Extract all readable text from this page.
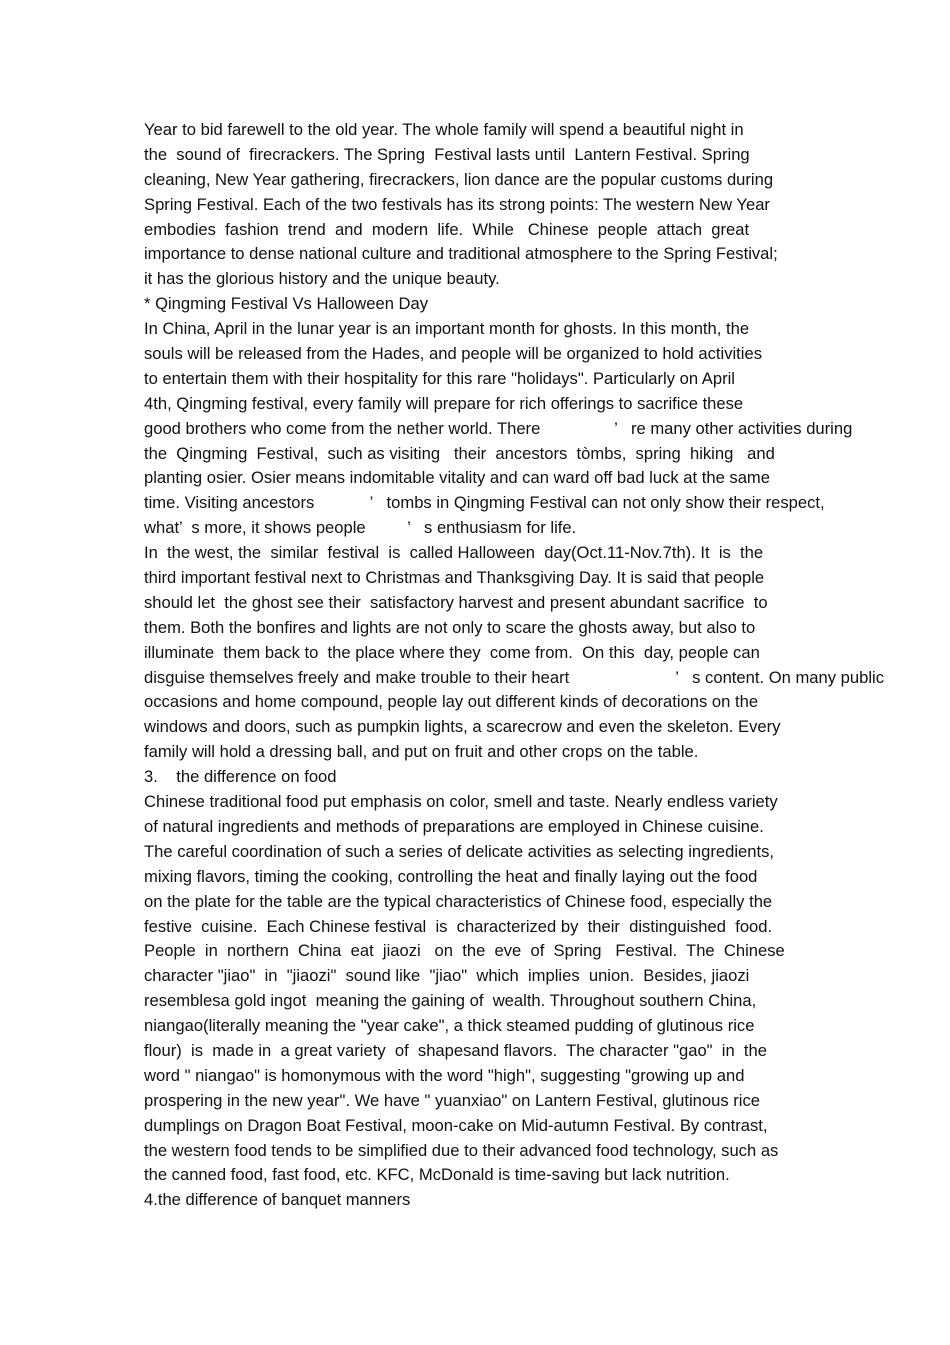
Year to bid farewell to the old year. The whole family will spend a beautiful night in
the  sound of  firecrackers. The Spring  Festival lasts until  Lantern Festival. Spring
cleaning, New Year gathering, firecrackers, lion dance are the popular customs during
Spring Festival. Each of the two festivals has its strong points: The western New Year
embodies  fashion  trend  and  modern  life.  While   Chinese  people  attach  great
importance to dense national culture and traditional atmosphere to the Spring Festival;
it has the glorious history and the unique beauty.
* Qingming Festival Vs Halloween Day
In China, April in the lunar year is an important month for ghosts. In this month, the
souls will be released from the Hades, and people will be organized to hold activities
to entertain them with their hospitality for this rare "holidays". Particularly on April
4th, Qingming festival, every family will prepare for rich offerings to sacrifice these
good brothers who come from the nether world. There                ’   re many other activities during
the  Qingming  Festival,  such as visiting   their  ancestors  tòmbs,  spring  hiking   and
planting osier. Osier means indomitable vitality and can ward off bad luck at the same
time. Visiting ancestors            ’   tombs in Qingming Festival can not only show their respect,
what’  s more, it shows people         ’   s enthusiasm for life.
In  the west, the  similar  festival  is  called Halloween  day(Oct.11-Nov.7th). It  is  the
third important festival next to Christmas and Thanksgiving Day. It is said that people
should let  the ghost see their  satisfactory harvest and present abundant sacrifice  to
them. Both the bonfires and lights are not only to scare the ghosts away, but also to
illuminate  them back to  the place where they  come from.  On this  day, people can
disguise themselves freely and make trouble to their heart                       ’   s content. On many public
occasions and home compound, people lay out different kinds of decorations on the
windows and doors, such as pumpkin lights, a scarecrow and even the skeleton. Every
family will hold a dressing ball, and put on fruit and other crops on the table.
3.    the difference on food
Chinese traditional food put emphasis on color, smell and taste. Nearly endless variety
of natural ingredients and methods of preparations are employed in Chinese cuisine.
The careful coordination of such a series of delicate activities as selecting ingredients,
mixing flavors, timing the cooking, controlling the heat and finally laying out the food
on the plate for the table are the typical characteristics of Chinese food, especially the
festive  cuisine.  Each Chinese festival  is  characterized by  their  distinguished  food.
People  in  northern  China  eat  jiaozi   on  the  eve  of  Spring   Festival.  The  Chinese
character "jiao"  in  "jiaozi"  sound like  "jiao"  which  implies  union.  Besides, jiaozi
resemblesa gold ingot  meaning the gaining of  wealth. Throughout southern China,
niangao(literally meaning the "year cake", a thick steamed pudding of glutinous rice
flour)  is  made in  a great variety  of  shapesand flavors.  The character "gao"  in  the
word " niangao" is homonymous with the word "high", suggesting "growing up and
prospering in the new year". We have " yuanxiao" on Lantern Festival, glutinous rice
dumplings on Dragon Boat Festival, moon-cake on Mid-autumn Festival. By contrast,
the western food tends to be simplified due to their advanced food technology, such as
the canned food, fast food, etc. KFC, McDonald is time-saving but lack nutrition.
4.the difference of banquet manners
